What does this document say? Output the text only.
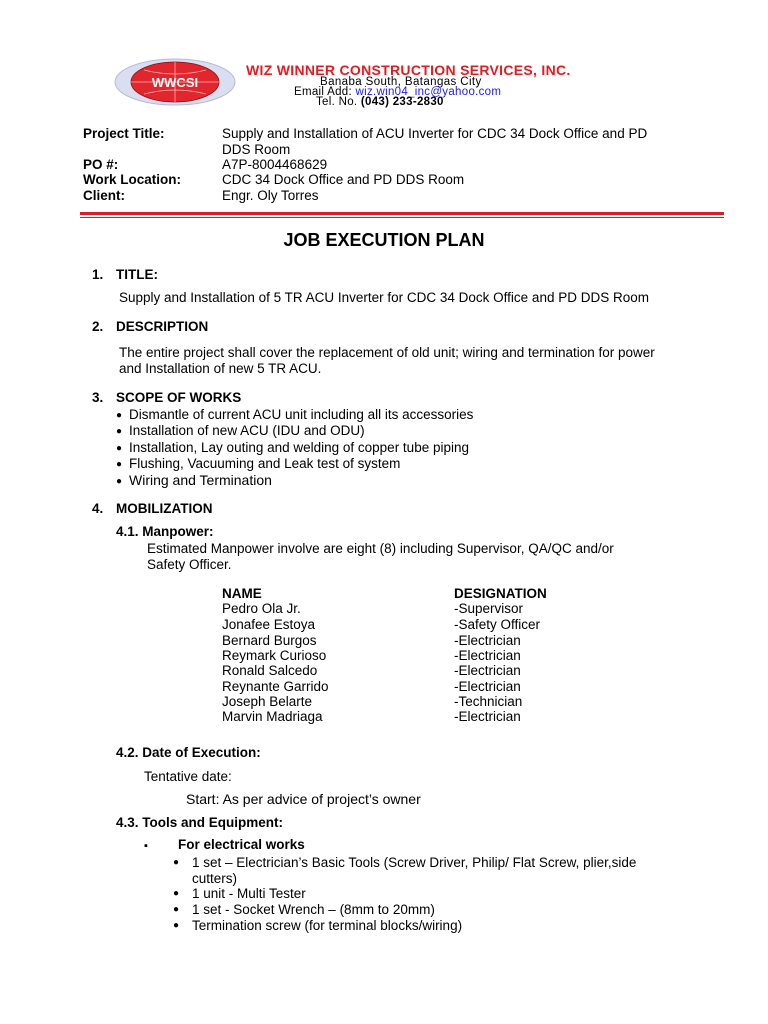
WWCSI
WIZ WINNER CONSTRUCTION SERVICES, INC.
Banaba South, Batangas City
Email Add: wiz.win04_inc@yahoo.com
Tel. No. (043) 233-2830
Project Title:	Supply and Installation of ACU Inverter for CDC 34 Dock Office and PD
DDS Room
PO #:	A7P-8004468629
Work Location:	CDC 34 Dock Office and PD DDS Room
Client:	Engr. Oly Torres
JOB EXECUTION PLAN
1. TITLE:
Supply and Installation of 5 TR ACU Inverter for CDC 34 Dock Office and PD DDS Room
2. DESCRIPTION
The entire project shall cover the replacement of old unit; wiring and termination for power
and Installation of new 5 TR ACU.
3. SCOPE OF WORKS
● Dismantle of current ACU unit including all its accessories
● Installation of new ACU (IDU and ODU)
● Installation, Lay outing and welding of copper tube piping
● Flushing, Vacuuming and Leak test of system
● Wiring and Termination
4. MOBILIZATION
4.1. Manpower:
Estimated Manpower involve are eight (8) including Supervisor, QA/QC and/or
Safety Officer.
NAME	DESIGNATION
Pedro Ola Jr.	-Supervisor
Jonafee Estoya	-Safety Officer
Bernard Burgos	-Electrician
Reymark Curioso	-Electrician
Ronald Salcedo	-Electrician
Reynante Garrido	-Electrician
Joseph Belarte	-Technician
Marvin Madriaga	-Electrician
4.2. Date of Execution:
Tentative date:
Start: As per advice of project’s owner
4.3. Tools and Equipment:
▪ For electrical works
● 1 set – Electrician’s Basic Tools (Screw Driver, Philip/ Flat Screw, plier,side
cutters)
● 1 unit - Multi Tester
● 1 set - Socket Wrench – (8mm to 20mm)
● Termination screw (for terminal blocks/wiring)
